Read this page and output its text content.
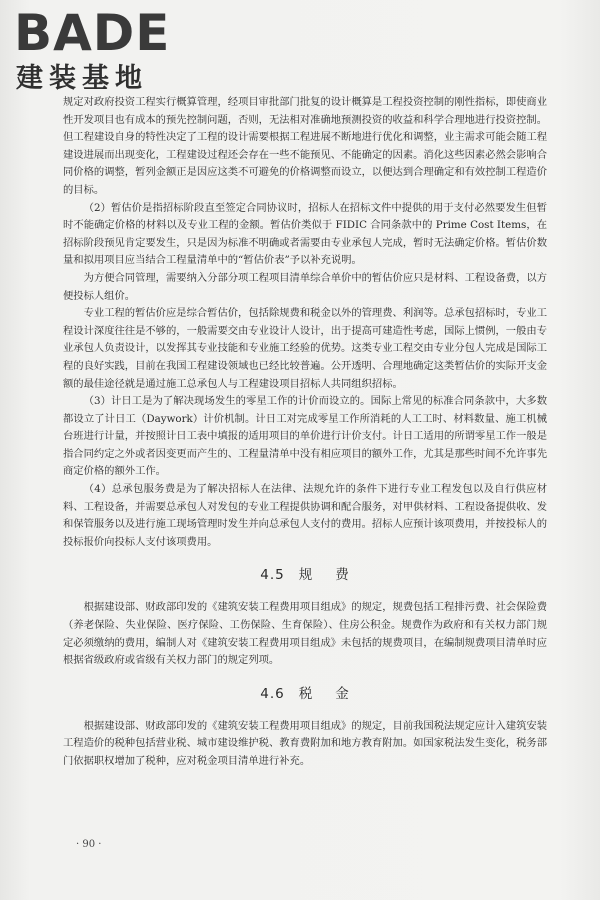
BADE
建装基地

规定对政府投资工程实行概算管理，经项目审批部门批复的设计概算是工程投资控制的刚性指标，即使商业性开发项目也有成本的预先控制问题，否则，无法相对准确地预测投资的收益和科学合理地进行投资控制。但工程建设自身的特性决定了工程的设计需要根据工程进展不断地进行优化和调整，业主需求可能会随工程建设进展而出现变化，工程建设过程还会存在一些不能预见、不能确定的因素。消化这些因素必然会影响合同价格的调整，暂列金额正是因应这类不可避免的价格调整而设立，以便达到合理确定和有效控制工程造价的目标。

（2）暂估价是指招标阶段直至签定合同协议时，招标人在招标文件中提供的用于支付必然要发生但暂时不能确定价格的材料以及专业工程的金额。暂估价类似于 FIDIC 合同条款中的 Prime Cost Items，在招标阶段预见肯定要发生，只是因为标准不明确或者需要由专业承包人完成，暂时无法确定价格。暂估价数量和拟用项目应当结合工程量清单中的“暂估价表”予以补充说明。

为方便合同管理，需要纳入分部分项工程项目清单综合单价中的暂估价应只是材料、工程设备费，以方便投标人组价。

专业工程的暂估价应是综合暂估价，包括除规费和税金以外的管理费、利润等。总承包招标时，专业工程设计深度往往是不够的，一般需要交由专业设计人设计，出于提高可建造性考虑，国际上惯例，一般由专业承包人负责设计，以发挥其专业技能和专业施工经验的优势。这类专业工程交由专业分包人完成是国际工程的良好实践，目前在我国工程建设领域也已经比较普遍。公开透明、合理地确定这类暂估价的实际开支金额的最佳途径就是通过施工总承包人与工程建设项目招标人共同组织招标。

（3）计日工是为了解决现场发生的零星工作的计价而设立的。国际上常见的标准合同条款中，大多数都设立了计日工（Daywork）计价机制。计日工对完成零星工作所消耗的人工工时、材料数量、施工机械台班进行计量，并按照计日工表中填报的适用项目的单价进行计价支付。计日工适用的所谓零星工作一般是指合同约定之外或者因变更而产生的、工程量清单中没有相应项目的额外工作，尤其是那些时间不允许事先商定价格的额外工作。

（4）总承包服务费是为了解决招标人在法律、法规允许的条件下进行专业工程发包以及自行供应材料、工程设备，并需要总承包人对发包的专业工程提供协调和配合服务，对甲供材料、工程设备提供收、发和保管服务以及进行施工现场管理时发生并向总承包人支付的费用。招标人应预计该项费用，并按投标人的投标报价向投标人支付该项费用。

4.5 规 费

根据建设部、财政部印发的《建筑安装工程费用项目组成》的规定，规费包括工程排污费、社会保险费（养老保险、失业保险、医疗保险、工伤保险、生育保险）、住房公积金。规费作为政府和有关权力部门规定必须缴纳的费用，编制人对《建筑安装工程费用项目组成》未包括的规费项目，在编制规费项目清单时应根据省级政府或省级有关权力部门的规定列项。

4.6 税 金

根据建设部、财政部印发的《建筑安装工程费用项目组成》的规定，目前我国税法规定应计入建筑安装工程造价的税种包括营业税、城市建设维护税、教育费附加和地方教育附加。如国家税法发生变化，税务部门依据职权增加了税种，应对税金项目清单进行补充。

· 90 ·
